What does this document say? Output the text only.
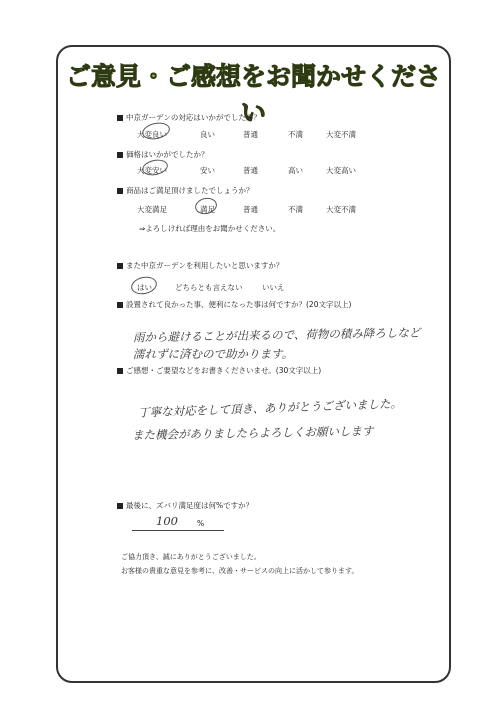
ご意見・ご感想をお聞かせください
中京ガーデンの対応はいかがでしたか？
大変良い	良い	普通	不満	大変不満
価格はいかがでしたか？
大変安い	安い	普通	高い	大変高い
商品はご満足頂けましたでしょうか？
大変満足	満足	普通	不満	大変不満
⇒よろしければ理由をお聞かせください。
また中京ガーデンを利用したいと思いますか？
はい	どちらとも言えない	いいえ
設置されて良かった事、便利になった事は何ですか？(20文字以上)
雨から避けることが出来るので、荷物の積み降ろしなど
濡れずに済むので助かります。
ご感想・ご要望などをお書きくださいませ。(30文字以上)
丁寧な対応をして頂き、ありがとうございました。
また機会がありましたらよろしくお願いします
最後に、ズバリ満足度は何%ですか？
100	%
ご協力頂き、誠にありがとうございました。
お客様の貴重な意見を参考に、改善・サービスの向上に活かして参ります。
